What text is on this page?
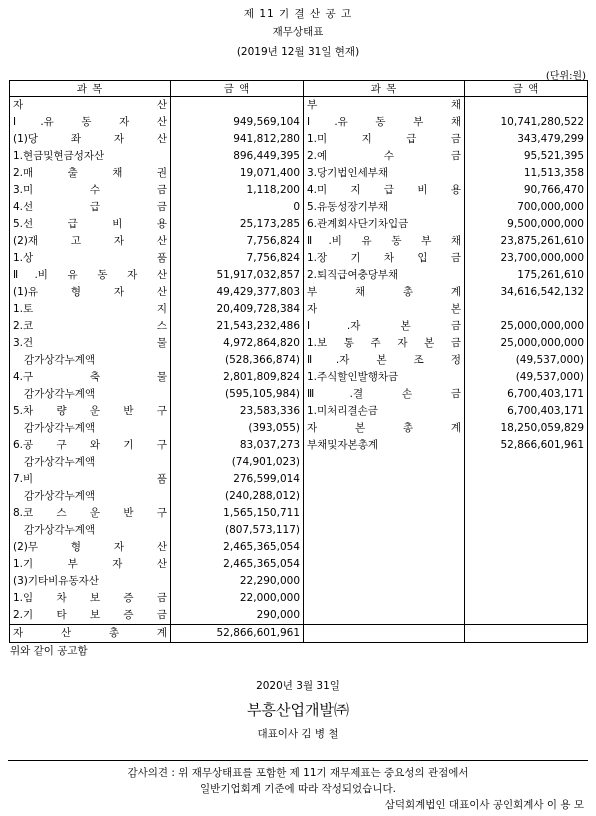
제 11 기 결 산 공 고
재무상태표
(2019년 12월 31일 현재)
(단위:원)
과 목	금 액	과 목	금 액
자 산		부 채	
Ⅰ.유 동 자 산	949,569,104	Ⅰ.유 동 부 채	10,741,280,522
(1)당 좌 자 산	941,812,280	1.미 지 급 금	343,479,299
1.현금및현금성자산	896,449,395	2.예 수 금	95,521,395
2.매 출 채 권	19,071,400	3.당기법인세부채	11,513,358
3.미 수 금	1,118,200	4.미 지 급 비 용	90,766,470
4.선 급 금	0	5.유동성장기부채	700,000,000
5.선 급 비 용	25,173,285	6.관계회사단기차입금	9,500,000,000
(2)재 고 자 산	7,756,824	Ⅱ.비 유 동 부 채	23,875,261,610
1.상 품	7,756,824	1.장 기 차 입 금	23,700,000,000
Ⅱ.비 유 동 자 산	51,917,032,857	2.퇴직급여충당부채	175,261,610
(1)유 형 자 산	49,429,377,803	부 채 총 계	34,616,542,132
1.토 지	20,409,728,384	자 본	
2.코 스	21,543,232,486	Ⅰ.자 본 금	25,000,000,000
3.건 물	4,972,864,820	1.보 통 주 자 본 금	25,000,000,000
감가상각누계액	(528,366,874)	Ⅱ.자 본 조 정	(49,537,000)
4.구 축 물	2,801,809,824	1.주식할인발행차금	(49,537,000)
감가상각누계액	(595,105,984)	Ⅲ.결 손 금	6,700,403,171
5.차 량 운 반 구	23,583,336	1.미처리결손금	6,700,403,171
감가상각누계액	(393,055)	자 본 총 계	18,250,059,829
6.공 구 와 기 구	83,037,273	부채및자본총계	52,866,601,961
감가상각누계액	(74,901,023)		
7.비 품	276,599,014		
감가상각누계액	(240,288,012)		
8.코 스 운 반 구	1,565,150,711		
감가상각누계액	(807,573,117)		
(2)무 형 자 산	2,465,365,054		
1.기 부 자 산	2,465,365,054		
(3)기타비유동자산	22,290,000		
1.임 차 보 증 금	22,000,000		
2.기 타 보 증 금	290,000		
자 산 총 계	52,866,601,961		
위와 같이 공고함
2020년 3월 31일
부흥산업개발㈜
대표이사 김 병 철
감사의견 : 위 재무상태표를 포함한 제 11기 재무제표는 중요성의 관점에서
일반기업회계 기준에 따라 작성되었습니다.
삼덕회계법인 대표이사 공인회계사 이 용 모
